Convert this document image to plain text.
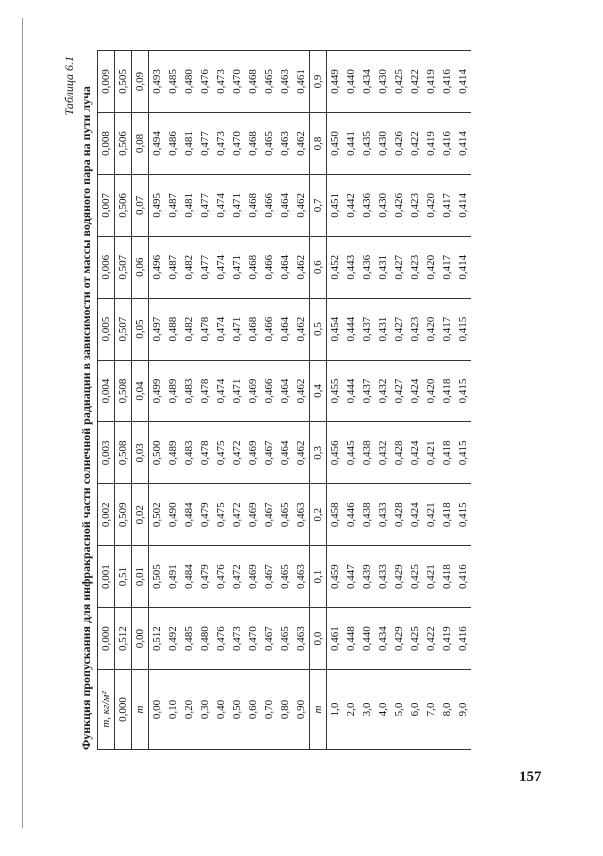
Таблица 6.1
Функция пропускания для инфракрасной части солнечной радиации в зависимости от массы водяного пара на пути луча m, кг/м²	0,000	0,001	0,002	0,003	0,004	0,005	0,006	0,007	0,008	0,009
0,000	0,512	0,51	0,509	0,508	0,508	0,507	0,507	0,506	0,506	0,505
m	0,00	0,01	0,02	0,03	0,04	0,05	0,06	0,07	0,08	0,09
0,00	0,512	0,505	0,502	0,500	0,499	0,497	0,496	0,495	0,494	0,493
0,10	0,492	0,491	0,490	0,489	0,489	0,488	0,487	0,487	0,486	0,485
0,20	0,485	0,484	0,484	0,483	0,483	0,482	0,482	0,481	0,481	0,480
0,30	0,480	0,479	0,479	0,478	0,478	0,478	0,477	0,477	0,477	0,476
0,40	0,476	0,476	0,475	0,475	0,474	0,474	0,474	0,474	0,473	0,473
0,50	0,473	0,472	0,472	0,472	0,471	0,471	0,471	0,471	0,470	0,470
0,60	0,470	0,469	0,469	0,469	0,469	0,468	0,468	0,468	0,468	0,468
0,70	0,467	0,467	0,467	0,467	0,466	0,466	0,466	0,466	0,465	0,465
0,80	0,465	0,465	0,465	0,464	0,464	0,464	0,464	0,464	0,463	0,463
0,90	0,463	0,463	0,463	0,462	0,462	0,462	0,462	0,462	0,462	0,461
m	0,0	0,1	0,2	0,3	0,4	0,5	0,6	0,7	0,8	0,9
1,0	0,461	0,459	0,458	0,456	0,455	0,454	0,452	0,451	0,450	0,449
2,0	0,448	0,447	0,446	0,445	0,444	0,444	0,443	0,442	0,441	0,440
3,0	0,440	0,439	0,438	0,438	0,437	0,437	0,436	0,436	0,435	0,434
4,0	0,434	0,433	0,433	0,432	0,432	0,431	0,431	0,430	0,430	0,430
5,0	0,429	0,429	0,428	0,428	0,427	0,427	0,427	0,426	0,426	0,425
6,0	0,425	0,425	0,424	0,424	0,424	0,423	0,423	0,423	0,422	0,422
7,0	0,422	0,421	0,421	0,421	0,420	0,420	0,420	0,420	0,419	0,419
8,0	0,419	0,418	0,418	0,418	0,418	0,417	0,417	0,417	0,416	0,416
9,0	0,416	0,416	0,415	0,415	0,415	0,415	0,414	0,414	0,414	0,414
157
